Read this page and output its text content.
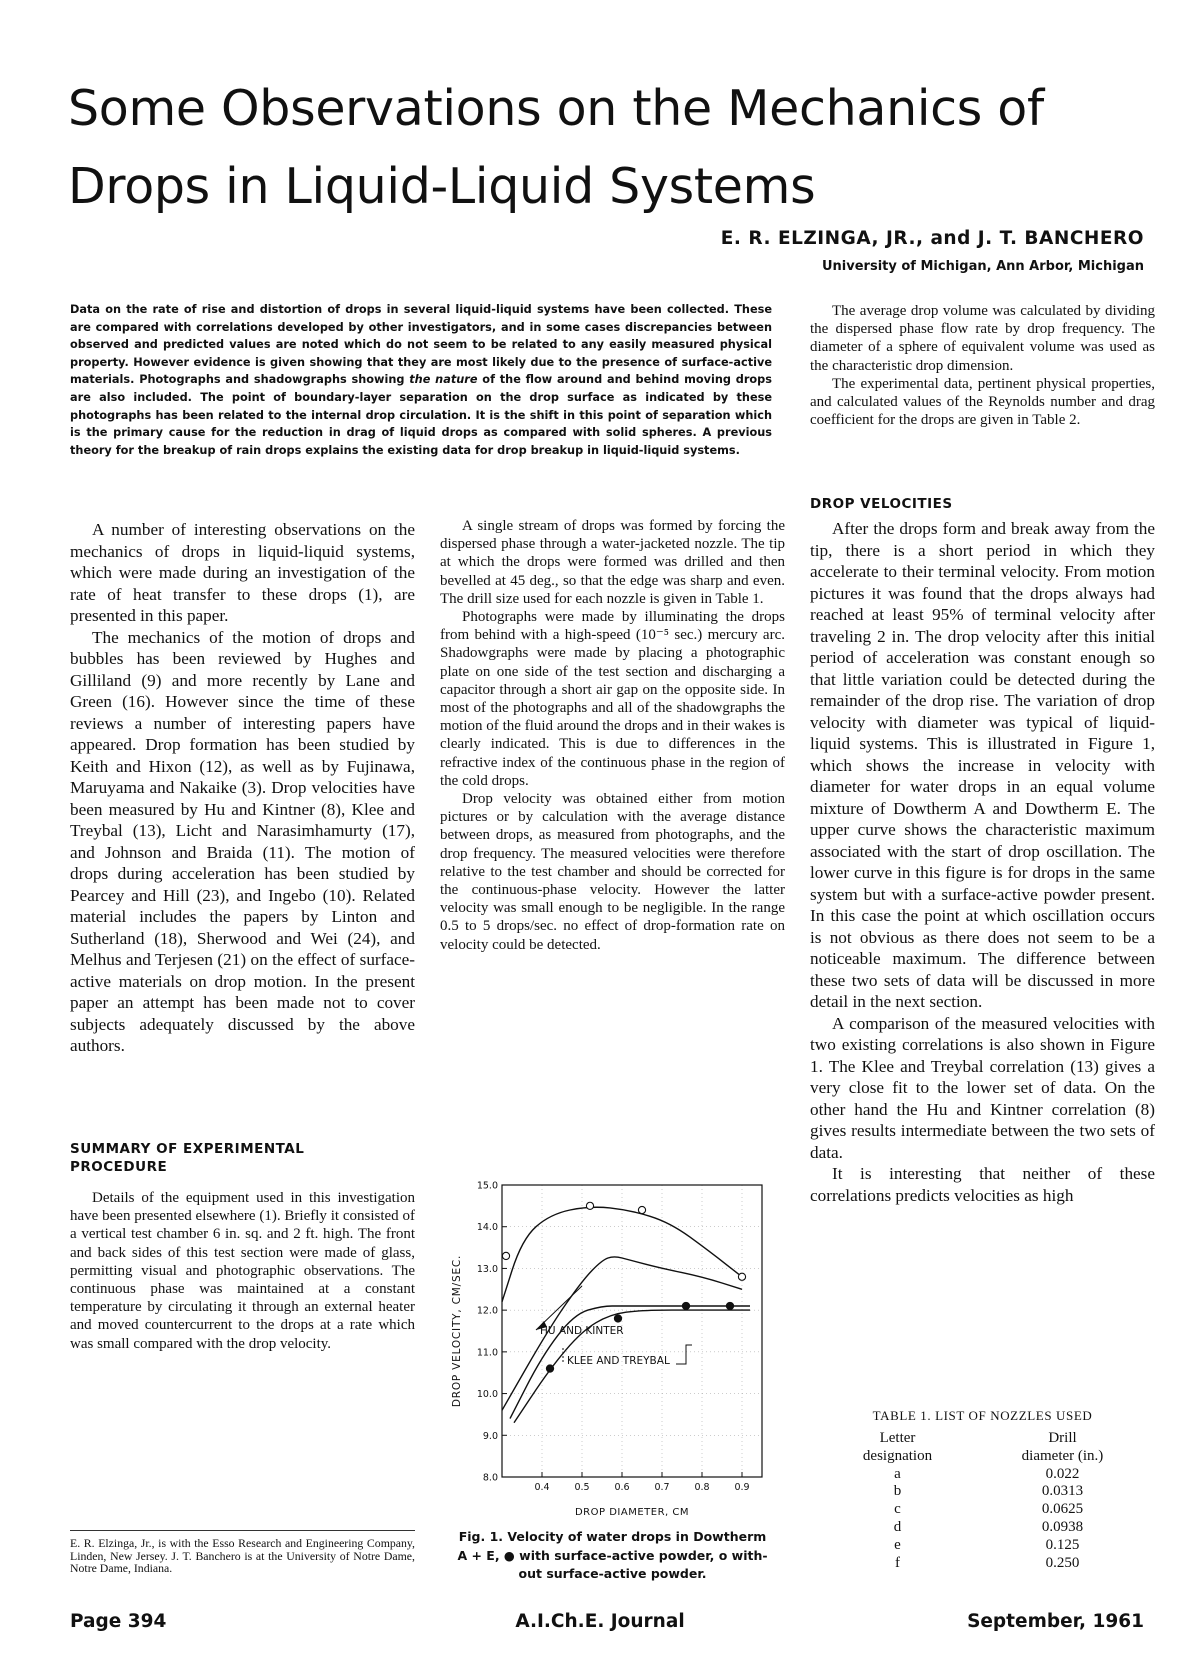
Some Observations on the Mechanics of
Drops in Liquid-Liquid Systems
E. R. ELZINGA, JR., and J. T. BANCHERO
University of Michigan, Ann Arbor, Michigan

Data on the rate of rise and distortion of drops in several liquid-liquid systems have been collected. These are compared with correlations developed by other investigators, and in some cases discrepancies between observed and predicted values are noted which do not seem to be related to any easily measured physical property. However evidence is given showing that they are most likely due to the presence of surface-active materials. Photographs and shadowgraphs showing the nature of the flow around and behind moving drops are also included. The point of boundary-layer separation on the drop surface as indicated by these photographs has been related to the internal drop circulation. It is the shift in this point of separation which is the primary cause for the reduction in drag of liquid drops as compared with solid spheres. A previous theory for the breakup of rain drops explains the existing data for drop breakup in liquid-liquid systems.

A number of interesting observations on the mechanics of drops in liquid-liquid systems, which were made during an investigation of the rate of heat transfer to these drops (1), are presented in this paper.

The mechanics of the motion of drops and bubbles has been reviewed by Hughes and Gilliland (9) and more recently by Lane and Green (16). However since the time of these reviews a number of interesting papers have appeared. Drop formation has been studied by Keith and Hixon (12), as well as by Fujinawa, Maruyama and Nakaike (3). Drop velocities have been measured by Hu and Kintner (8), Klee and Treybal (13), Licht and Narasimhamurty (17), and Johnson and Braida (11). The motion of drops during acceleration has been studied by Pearcey and Hill (23), and Ingebo (10). Related material includes the papers by Linton and Sutherland (18), Sherwood and Wei (24), and Melhus and Terjesen (21) on the effect of surface-active materials on drop motion. In the present paper an attempt has been made not to cover subjects adequately discussed by the above authors.

SUMMARY OF EXPERIMENTAL
PROCEDURE

Details of the equipment used in this investigation have been presented elsewhere (1). Briefly it consisted of a vertical test chamber 6 in. sq. and 2 ft. high. The front and back sides of this test section were made of glass, permitting visual and photographic observations. The continuous phase was maintained at a constant temperature by circulating it through an external heater and moved countercurrent to the drops at a rate which was small compared with the drop velocity.

E. R. Elzinga, Jr., is with the Esso Research and Engineering Company, Linden, New Jersey. J. T. Banchero is at the University of Notre Dame, Notre Dame, Indiana.

A single stream of drops was formed by forcing the dispersed phase through a water-jacketed nozzle. The tip at which the drops were formed was drilled and then bevelled at 45 deg., so that the edge was sharp and even. The drill size used for each nozzle is given in Table 1.

Photographs were made by illuminating the drops from behind with a high-speed (10⁻⁵ sec.) mercury arc. Shadowgraphs were made by placing a photographic plate on one side of the test section and discharging a capacitor through a short air gap on the opposite side. In most of the photographs and all of the shadowgraphs the motion of the fluid around the drops and in their wakes is clearly indicated. This is due to differences in the refractive index of the continuous phase in the region of the cold drops.

Drop velocity was obtained either from motion pictures or by calculation with the average distance between drops, as measured from photographs, and the drop frequency. The measured velocities were therefore relative to the test chamber and should be corrected for the continuous-phase velocity. However the latter velocity was small enough to be negligible. In the range 0.5 to 5 drops/sec. no effect of drop-formation rate on velocity could be detected.

8.0
9.0
10.0
11.0
12.0
13.0
14.0
15.0
0.4	0.5	0.6	0.7	0.8	0.9
DROP VELOCITY, CM/SEC.
DROP DIAMETER, CM
HU AND KINTER
KLEE AND TREYBAL
Fig. 1. Velocity of water drops in Dowtherm
A + E, ● with surface-active powder, o with-
out surface-active powder.

The average drop volume was calculated by dividing the dispersed phase flow rate by drop frequency. The diameter of a sphere of equivalent volume was used as the characteristic drop dimension.

The experimental data, pertinent physical properties, and calculated values of the Reynolds number and drag coefficient for the drops are given in Table 2.

DROP VELOCITIES

After the drops form and break away from the tip, there is a short period in which they accelerate to their terminal velocity. From motion pictures it was found that the drops always had reached at least 95% of terminal velocity after traveling 2 in. The drop velocity after this initial period of acceleration was constant enough so that little variation could be detected during the remainder of the drop rise. The variation of drop velocity with diameter was typical of liquid-liquid systems. This is illustrated in Figure 1, which shows the increase in velocity with diameter for water drops in an equal volume mixture of Dowtherm A and Dowtherm E. The upper curve shows the characteristic maximum associated with the start of drop oscillation. The lower curve in this figure is for drops in the same system but with a surface-active powder present. In this case the point at which oscillation occurs is not obvious as there does not seem to be a noticeable maximum. The difference between these two sets of data will be discussed in more detail in the next section.

A comparison of the measured velocities with two existing correlations is also shown in Figure 1. The Klee and Treybal correlation (13) gives a very close fit to the lower set of data. On the other hand the Hu and Kintner correlation (8) gives results intermediate between the two sets of data.

It is interesting that neither of these correlations predicts velocities as high

TABLE 1. LIST OF NOZZLES USED
Letter
designation	Drill
diameter (in.)
a	0.022
b	0.0313
c	0.0625
d	0.0938
e	0.125
f	0.250
Page 394	A.I.Ch.E. Journal	September, 1961
